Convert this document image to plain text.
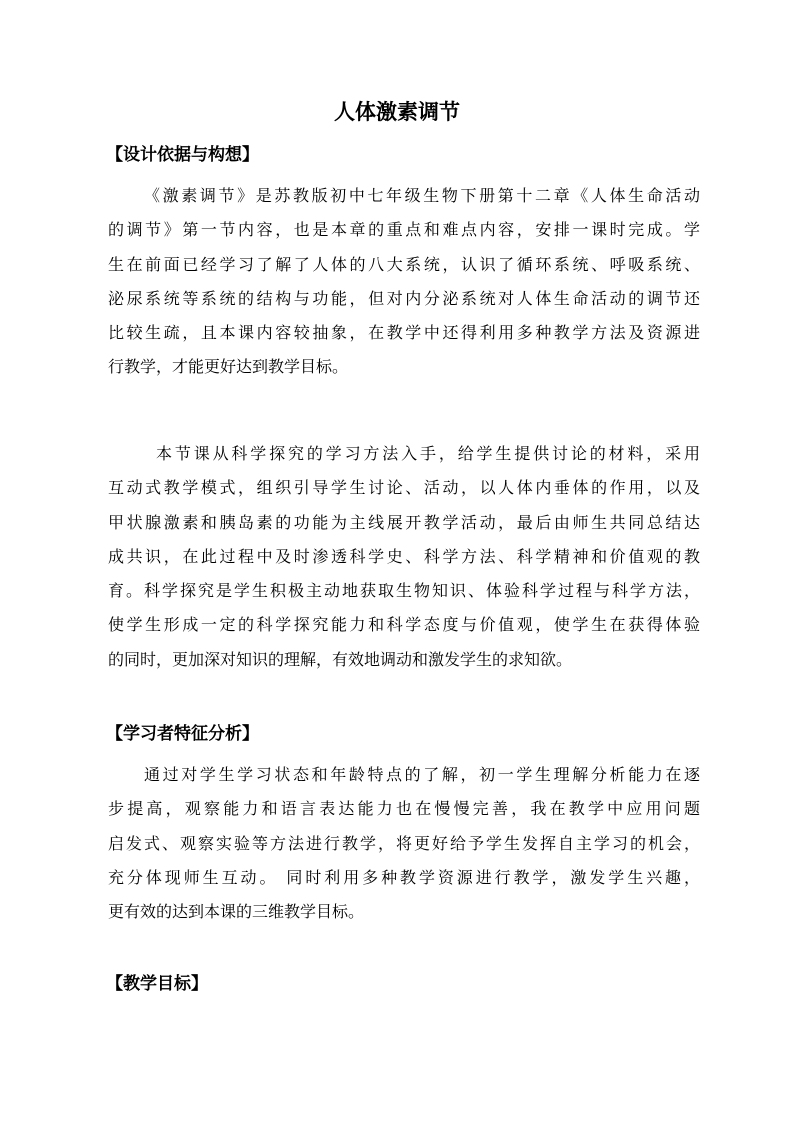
人体激素调节
【设计依据与构想】
《激素调节》是苏教版初中七年级生物下册第十二章《人体生命活动
的调节》第一节内容，也是本章的重点和难点内容，安排一课时完成。学
生在前面已经学习了解了人体的八大系统，认识了循环系统、呼吸系统、
泌尿系统等系统的结构与功能，但对内分泌系统对人体生命活动的调节还
比较生疏，且本课内容较抽象，在教学中还得利用多种教学方法及资源进
行教学，才能更好达到教学目标。
本节课从科学探究的学习方法入手，给学生提供讨论的材料，采用
互动式教学模式，组织引导学生讨论、活动，以人体内垂体的作用，以及
甲状腺激素和胰岛素的功能为主线展开教学活动，最后由师生共同总结达
成共识，在此过程中及时渗透科学史、科学方法、科学精神和价值观的教
育。科学探究是学生积极主动地获取生物知识、体验科学过程与科学方法，
使学生形成一定的科学探究能力和科学态度与价值观，使学生在获得体验
的同时，更加深对知识的理解，有效地调动和激发学生的求知欲。
【学习者特征分析】
通过对学生学习状态和年龄特点的了解，初一学生理解分析能力在逐
步提高，观察能力和语言表达能力也在慢慢完善，我在教学中应用问题
启发式、观察实验等方法进行教学，将更好给予学生发挥自主学习的机会，
充分体现师生互动。 同时利用多种教学资源进行教学，激发学生兴趣，
更有效的达到本课的三维教学目标。
【教学目标】
